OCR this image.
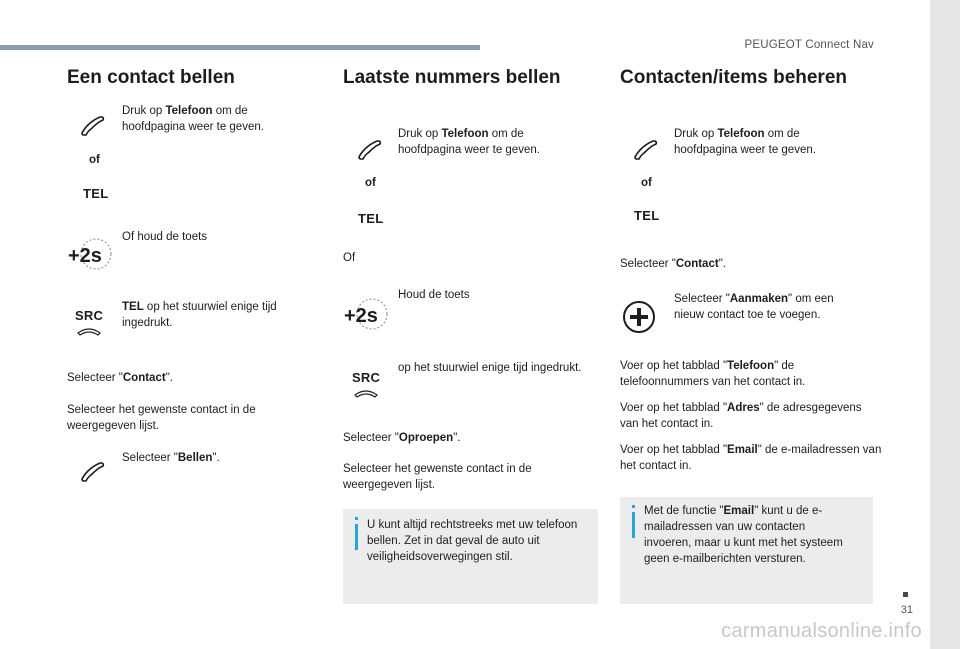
PEUGEOT Connect Nav
31
carmanualsonline.info
Een contact bellen
Druk op Telefoon om de hoofdpagina weer te geven.
of
TEL
+2s
Of houd de toets
SRC
TEL op het stuurwiel enige tijd ingedrukt.
Selecteer "Contact".
Selecteer het gewenste contact in de weergegeven lijst.
Selecteer "Bellen".
Laatste nummers bellen
Druk op Telefoon om de hoofdpagina weer te geven.
of
TEL
Of
+2s
Houd de toets
SRC
op het stuurwiel enige tijd ingedrukt.
Selecteer "Oproepen".
Selecteer het gewenste contact in de weergegeven lijst.
U kunt altijd rechtstreeks met uw telefoon bellen. Zet in dat geval de auto uit veiligheidsoverwegingen stil.
Contacten/items beheren
Druk op Telefoon om de hoofdpagina weer te geven.
of
TEL
Selecteer "Contact".
Selecteer "Aanmaken" om een nieuw contact toe te voegen.
Voer op het tabblad "Telefoon" de telefoonnummers van het contact in.
Voer op het tabblad "Adres" de adresgegevens van het contact in.
Voer op het tabblad "Email" de e-mailadressen van het contact in.
Met de functie "Email" kunt u de e-mailadressen van uw contacten invoeren, maar u kunt met het systeem geen e-mailberichten versturen.
